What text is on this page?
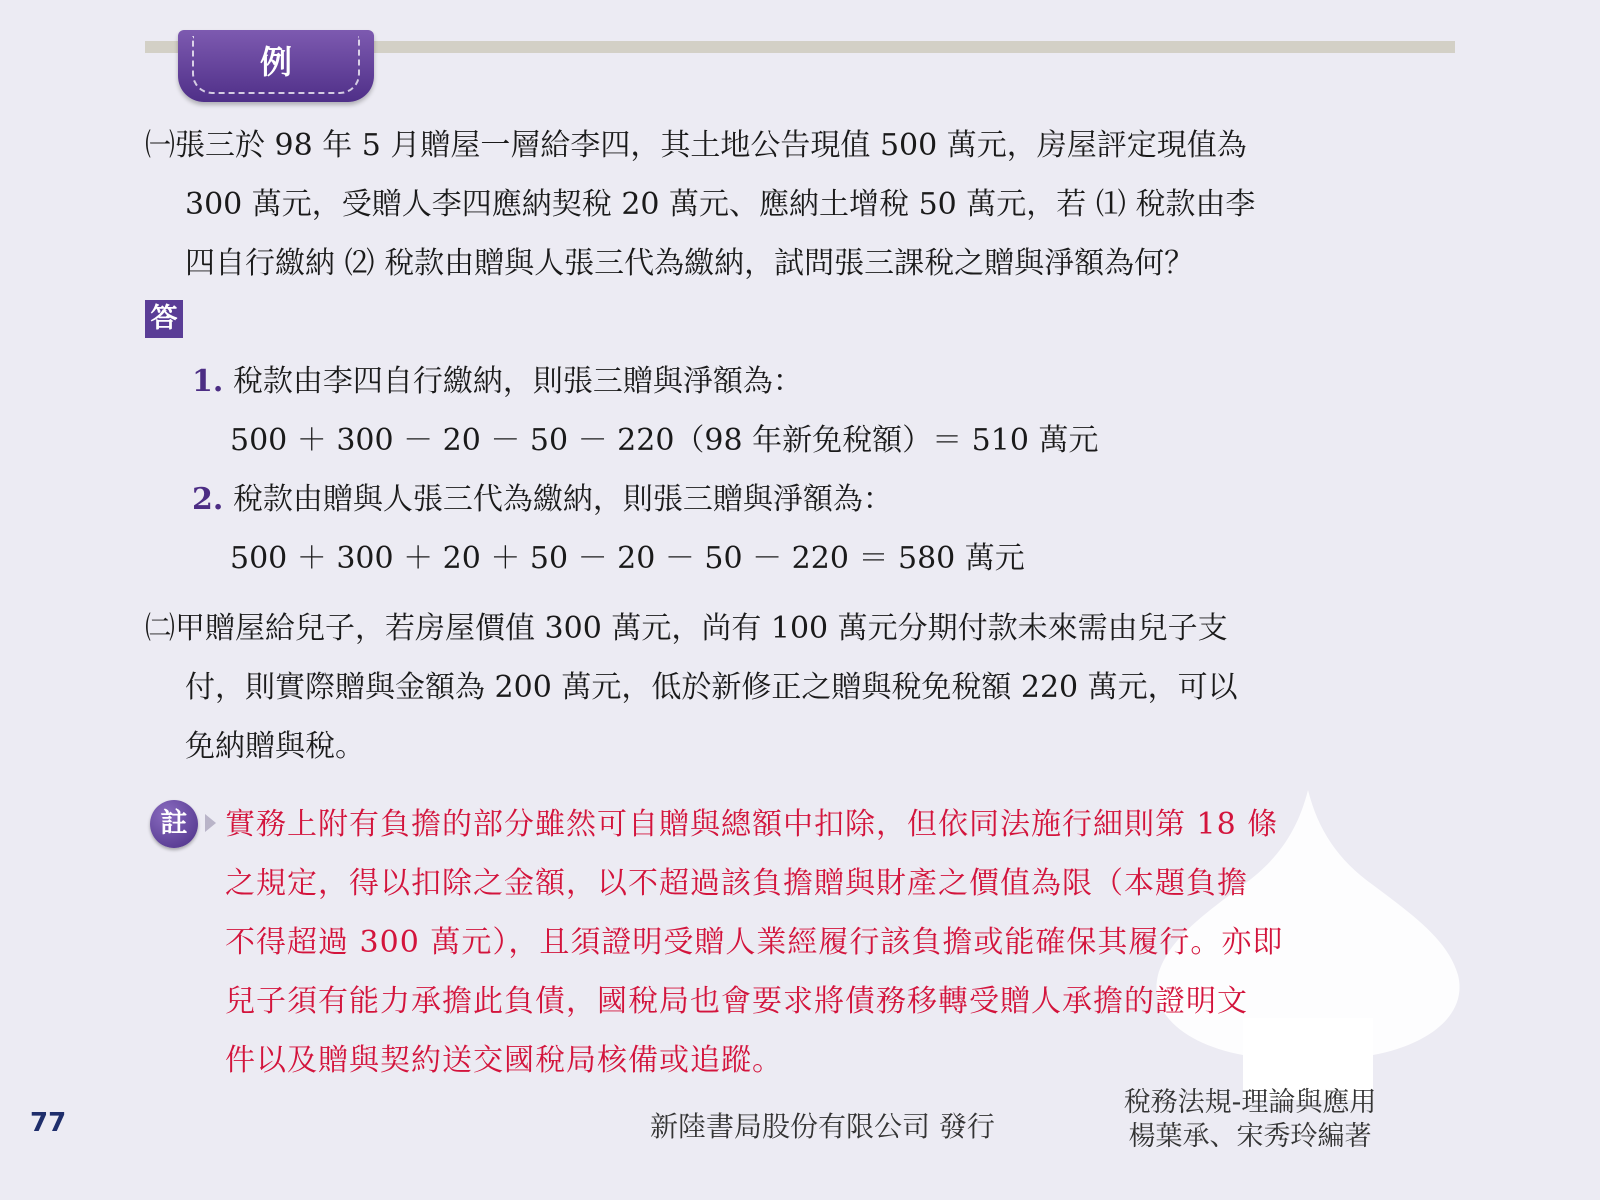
例
㈠張三於 98 年 5 月贈屋一層給李四，其土地公告現值 500 萬元，房屋評定現值為
300 萬元，受贈人李四應納契稅 20 萬元、應納土增稅 50 萬元，若 ⑴ 稅款由李
四自行繳納 ⑵ 稅款由贈與人張三代為繳納，試問張三課稅之贈與淨額為何？
答
1. 稅款由李四自行繳納，則張三贈與淨額為：
500 ＋ 300 － 20 － 50 － 220（98 年新免稅額）＝ 510 萬元
2. 稅款由贈與人張三代為繳納，則張三贈與淨額為：
500 ＋ 300 ＋ 20 ＋ 50 － 20 － 50 － 220 ＝ 580 萬元
㈡甲贈屋給兒子，若房屋價值 300 萬元，尚有 100 萬元分期付款未來需由兒子支
付，則實際贈與金額為 200 萬元，低於新修正之贈與稅免稅額 220 萬元，可以
免納贈與稅。
註	實務上附有負擔的部分雖然可自贈與總額中扣除，但依同法施行細則第 18 條
之規定，得以扣除之金額，以不超過該負擔贈與財產之價值為限（本題負擔
不得超過 300 萬元），且須證明受贈人業經履行該負擔或能確保其履行。亦即
兒子須有能力承擔此負債，國稅局也會要求將債務移轉受贈人承擔的證明文
件以及贈與契約送交國稅局核備或追蹤。
77	新陸書局股份有限公司 發行
稅務法規-理論與應用
楊葉承、宋秀玲編著
